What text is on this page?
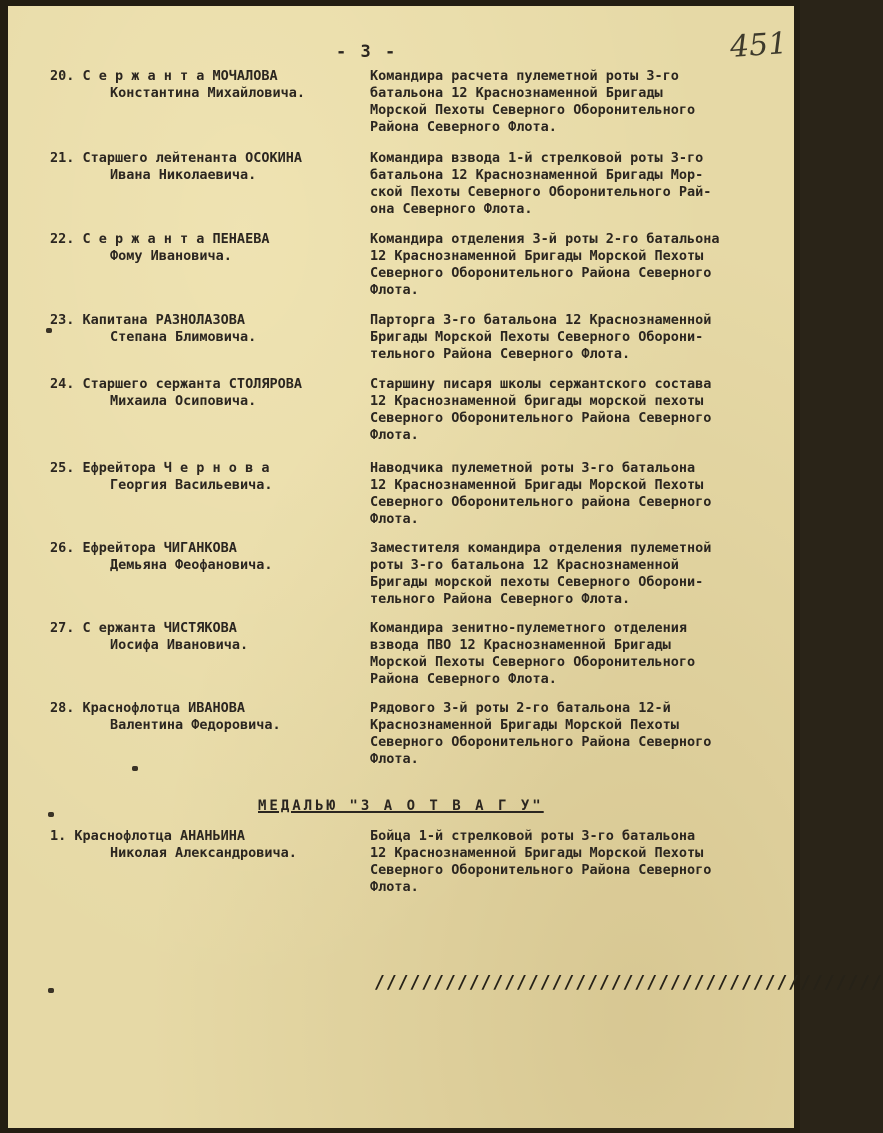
- 3 -	451
20. С е р ж а н т а МОЧАЛОВА
Константина Михайловича.
Командира расчета пулеметной роты 3-го
батальона 12 Краснознаменной Бригады
Морской Пехоты Северного Оборонительного
Района Северного Флота.
21. Старшего лейтенанта ОСОКИНА
Ивана Николаевича.
Командира взвода 1-й стрелковой роты 3-го
батальона 12 Краснознаменной Бригады Мор-
ской Пехоты Северного Оборонительного Рай-
она Северного Флота.
22. С е р ж а н т а ПЕНАЕВА
Фому Ивановича.
Командира отделения 3-й роты 2-го батальона
12 Краснознаменной Бригады Морской Пехоты
Северного Оборонительного Района Северного
Флота.
23. Капитана РАЗНОЛАЗОВА
Степана Блимовича.
Парторга 3-го батальона 12 Краснознаменной
Бригады Морской Пехоты Северного Оборони-
тельного Района Северного Флота.
24. Старшего сержанта СТОЛЯРОВА
Михаила Осиповича.
Старшину писаря школы сержантского состава
12 Краснознаменной бригады морской пехоты
Северного Оборонительного Района Северного
Флота.
25. Ефрейтора Ч е р н о в а
Георгия Васильевича.
Наводчика пулеметной роты 3-го батальона
12 Краснознаменной Бригады Морской Пехоты
Северного Оборонительного района Северного
Флота.
26. Ефрейтора ЧИГАНКОВА
Демьяна Феофановича.
Заместителя командира отделения пулеметной
роты 3-го батальона 12 Краснознаменной
Бригады морской пехоты Северного Оборони-
тельного Района Северного Флота.
27. С ержанта ЧИСТЯКОВА
Иосифа Ивановича.
Командира зенитно-пулеметного отделения
взвода ПВО 12 Краснознаменной Бригады
Морской Пехоты Северного Оборонительного
Района Северного Флота.
28. Краснофлотца ИВАНОВА
Валентина Федоровича.
Рядового 3-й роты 2-го батальона 12-й
Краснознаменной Бригады Морской Пехоты
Северного Оборонительного Района Северного
Флота.
МЕДАЛЬЮ "З А О Т В А Г У"
1. Краснофлотца АНАНЬИНА
Николая Александровича.
Бойца 1-й стрелковой роты 3-го батальона
12 Краснознаменной Бригады Морской Пехоты
Северного Оборонительного Района Северного
Флота.
///////////////////////////////////////////
